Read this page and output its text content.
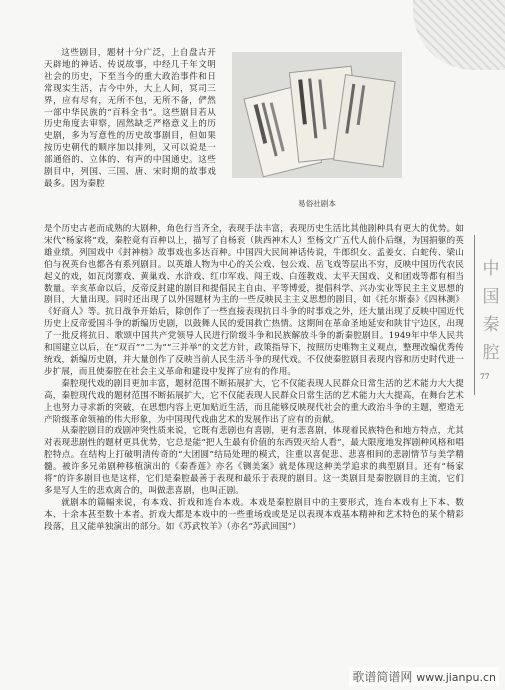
这些剧目，题材十分广泛，上自盘古开天辟地的神话、传说故事，中经几千年文明社会的历史，下至当今的重大政治事件和日常现实生活，古今中外，大上人间，冥司三界，应有尽有，无所不包，无所不备，俨然一部中华民族的“百科全书”。这些剧目若从历史角度去审察，固然缺乏严格意义上的历史剧，多为写意性的历史故事剧目，但如果按历史朝代的顺序加以排列，又可以说是一部通俗的、立体的、有声的中国通史。这些剧目中，列国、三国、唐、宋时期的故事戏最多。因为秦腔

易俗社剧本

是个历史古老而成熟的大剧种，角色行当齐全，表现手法丰富，表现历史生活比其他剧种具有更大的优势。如宋代“杨家将”戏，秦腔竟有百种以上，描写了自杨衮（陕西神木人）至杨文广五代人前仆后继，为国捐躯的英雄业绩。列国戏中《封神榜》故事戏也多达百种。中国四大民间神话传说，牛郎织女、孟姜女、白蛇传、梁山伯与祝英台也都各有系列剧目。以英雄人物为中心的关公戏、包公戏、岳飞戏等层出不穷，反映中国历代农民起义的戏，如瓦岗寨戏、黄巢戏、水浒戏、红巾军戏、闯王戏、白莲教戏、太平天国戏、义和团戏等都有相当数量。辛亥革命以后，反帝反封建的剧目和提倡民主自由、平等博爱，提倡科学、兴办实业等民主主义思想的剧目，大量出现。同时还出现了以外国题材为主的一些反映民主主义思想的剧目，如《托尔斯泰》《四林测》《好商人》等。抗日战争开始后，除创作了一些直接表现抗日斗争的时事戏之外，还大量出现了反映中国近代历史上反帝爱国斗争的新编历史剧，以鼓舞人民的爱国救亡热情。这期间在革命圣地延安和陕甘宁边区，出现了一批反将抗日、歌颂中国共产党领导人民进行阶级斗争和民族解放斗争的新秦腔剧目。1949年中华人民共和国建立以后，在“双百”“二为”“三并举”的文艺方针，政策指导下，按照历史唯物主义观点，整理改编优秀传统戏，新编历史剧，并大量创作了反映当前人民生活斗争的现代戏。不仅使秦腔剧目表现内容和历史时代进一步扩展，而且使秦腔在社会主义革命和建设中发挥了应有的作用。

秦腔现代戏的剧目更加丰富，题材范围不断拓展扩大，它不仅能表现人民群众日常生活的艺术能力大大提高，秦腔现代戏的题材范围不断拓展扩大，它不仅能表现人民群众日常生活的艺术能力大大提高，在舞台艺术上也努力寻求新的突破，在思想内容上更加贴近生活，而且能够反映现代社会的重大政治斗争的主题，塑造无产阶级革命领袖的伟大形象，为中国现代戏曲艺术的发展作出了应有的贡献。

从秦腔剧目的戏剧冲突性质来说，它既有悲剧也有喜剧，更有悲喜剧，体现着民族特色和地方特点，尤其对表现悲剧性的题材更具优势，它总是能“把人生最有价值的东西毁灭给人看”，最大限度地发挥剧种风格和唱腔特点。在结构上打破明清传奇的“大团圆”结局处理的模式，注重以喜促悲、悲喜相间的悲剧情节与美学精髓。被许多兄弟剧种移植演出的《秦香莲》亦名《铡美案》就是体现这种美学追求的典型剧目。还有“杨家将”的许多剧目也是这样，它们是秦腔最善于表现和最乐于表现的剧目。这一类剧目是秦腔剧目的主流，它们多是写人生的悲欢离合的，叫做悲喜剧，也叫正剧。

就剧本的篇幅来说，有本戏、折戏和连台本戏。本戏是秦腔剧目中的主要形式，连台本戏有上下本、数本、十余本甚至数十本者。折戏大都是本戏中的一些重场戏或是足以表现本戏基本精神和艺术特色的某个精彩段落，且又能单独演出的部分。如《苏武牧羊》（亦名“苏武回国”）

中
国
秦
腔
77
歌谱简谱网 www.jianpu.cn
